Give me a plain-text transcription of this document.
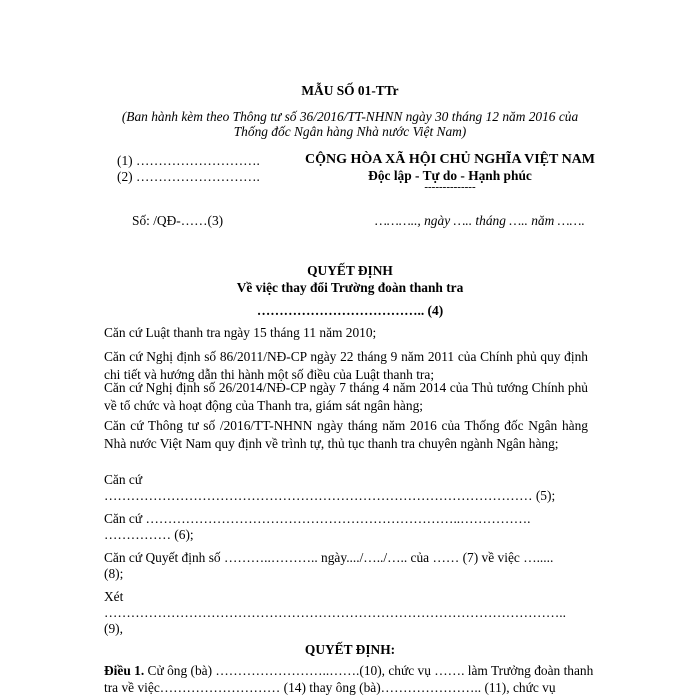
MẪU SỐ 01-TTr
(Ban hành kèm theo Thông tư số 36/2016/TT-NHNN ngày 30 tháng 12 năm 2016 của
Thống đốc Ngân hàng Nhà nước Việt Nam)
(1) ……………………….
(2) ……………………….
CỘNG HÒA XÃ HỘI CHỦ NGHĨA VIỆT NAM
Độc lập - Tự do - Hạnh phúc
--------------
Số: /QĐ-……(3)	……….., ngày ….. tháng ….. năm …….
QUYẾT ĐỊNH
Về việc thay đổi Trường đoàn thanh tra
……………………………….. (4)

Căn cứ Luật thanh tra ngày 15 tháng 11 năm 2010;

Căn cứ Nghị định số 86/2011/NĐ-CP ngày 22 tháng 9 năm 2011 của Chính phủ quy định chi tiết và hướng dẫn thi hành một số điều của Luật thanh tra;

Căn cứ Nghị định số 26/2014/NĐ-CP ngày 7 tháng 4 năm 2014 của Thủ tướng Chính phủ về tổ chức và hoạt động của Thanh tra, giám sát ngân hàng;

Căn cứ Thông tư số /2016/TT-NHNN ngày tháng năm 2016 của Thống đốc Ngân hàng Nhà nước Việt Nam quy định về trình tự, thủ tục thanh tra chuyên ngành Ngân hàng;

Căn cứ
…………………………………………………………………………………… (5);
Căn cứ ……………………………………………………………..…………….
…………… (6);
Căn cứ Quyết định số ………..……….. ngày..../…../….. của …… (7) về việc ….....
(8);
Xét
…………………………………………………………………………………………..
(9),
QUYẾT ĐỊNH:
Điều 1. Cử ông (bà) ……………………..…….(10), chức vụ ……. làm Trưởng đoàn thanh
tra về việc……………………… (14) thay ông (bà)………………….. (11), chức vụ
